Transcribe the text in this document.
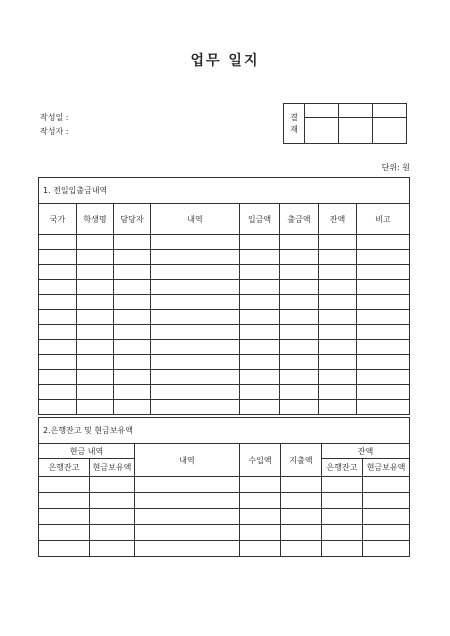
업무 일지
작성일 :
작성자 :
결
재			

단위: 원
1. 전일입출금내역							
국가	학생명	담당자	내역	입금액	출금액	잔액	비고

2.은행잔고 및 현금보유액						
현금 내역		내역	수입액	지출액	잔액	
은행잔고	현금보유액				은행잔고	현금보유액
